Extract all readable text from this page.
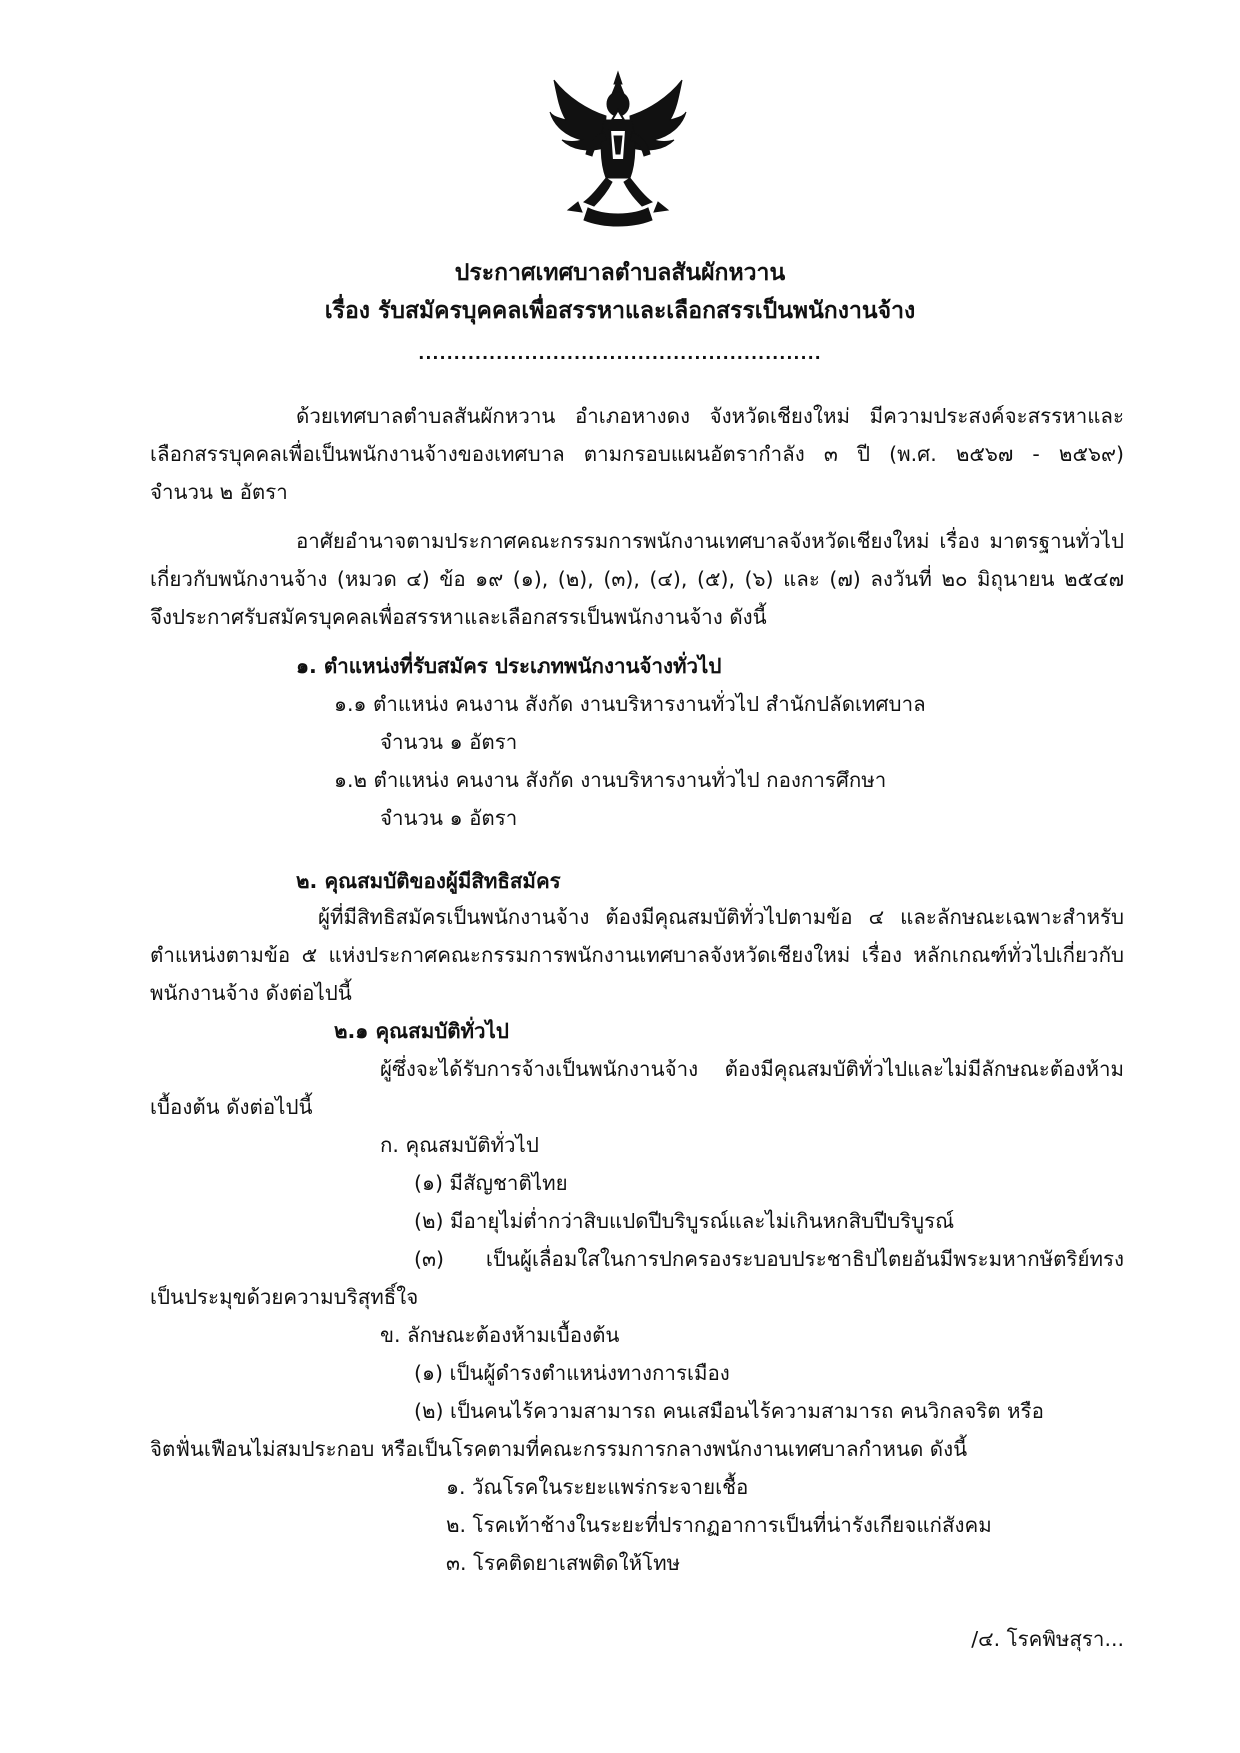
ประกาศเทศบาลตำบลสันผักหวาน
เรื่อง รับสมัครบุคคลเพื่อสรรหาและเลือกสรรเป็นพนักงานจ้าง
.........................................................
ด้วยเทศบาลตำบลสันผักหวาน อำเภอหางดง จังหวัดเชียงใหม่ มีความประสงค์จะสรรหาและ
เลือกสรรบุคคลเพื่อเป็นพนักงานจ้างของเทศบาล ตามกรอบแผนอัตรากำลัง ๓ ปี (พ.ศ. ๒๕๖๗ - ๒๕๖๙)
จำนวน ๒ อัตรา
อาศัยอำนาจตามประกาศคณะกรรมการพนักงานเทศบาลจังหวัดเชียงใหม่ เรื่อง มาตรฐานทั่วไป
เกี่ยวกับพนักงานจ้าง (หมวด ๔) ข้อ ๑๙ (๑), (๒), (๓), (๔), (๕), (๖) และ (๗) ลงวันที่ ๒๐ มิถุนายน ๒๕๔๗
จึงประกาศรับสมัครบุคคลเพื่อสรรหาและเลือกสรรเป็นพนักงานจ้าง ดังนี้
๑. ตำแหน่งที่รับสมัคร ประเภทพนักงานจ้างทั่วไป
๑.๑ ตำแหน่ง คนงาน สังกัด งานบริหารงานทั่วไป สำนักปลัดเทศบาล
จำนวน ๑ อัตรา
๑.๒ ตำแหน่ง คนงาน สังกัด งานบริหารงานทั่วไป กองการศึกษา
จำนวน ๑ อัตรา
๒. คุณสมบัติของผู้มีสิทธิสมัคร
ผู้ที่มีสิทธิสมัครเป็นพนักงานจ้าง ต้องมีคุณสมบัติทั่วไปตามข้อ ๔ และลักษณะเฉพาะสำหรับ
ตำแหน่งตามข้อ ๕ แห่งประกาศคณะกรรมการพนักงานเทศบาลจังหวัดเชียงใหม่ เรื่อง หลักเกณฑ์ทั่วไปเกี่ยวกับ
พนักงานจ้าง ดังต่อไปนี้
๒.๑ คุณสมบัติทั่วไป
ผู้ซึ่งจะได้รับการจ้างเป็นพนักงานจ้าง ต้องมีคุณสมบัติทั่วไปและไม่มีลักษณะต้องห้าม
เบื้องต้น ดังต่อไปนี้
ก. คุณสมบัติทั่วไป
(๑) มีสัญชาติไทย
(๒) มีอายุไม่ต่ำกว่าสิบแปดปีบริบูรณ์และไม่เกินหกสิบปีบริบูรณ์
(๓) เป็นผู้เลื่อมใสในการปกครองระบอบประชาธิปไตยอันมีพระมหากษัตริย์ทรง
เป็นประมุขด้วยความบริสุทธิ์ใจ
ข. ลักษณะต้องห้ามเบื้องต้น
(๑) เป็นผู้ดำรงตำแหน่งทางการเมือง
(๒) เป็นคนไร้ความสามารถ คนเสมือนไร้ความสามารถ คนวิกลจริต หรือ
จิตฟั่นเฟือนไม่สมประกอบ หรือเป็นโรคตามที่คณะกรรมการกลางพนักงานเทศบาลกำหนด ดังนี้
๑. วัณโรคในระยะแพร่กระจายเชื้อ
๒. โรคเท้าช้างในระยะที่ปรากฏอาการเป็นที่น่ารังเกียจแก่สังคม
๓. โรคติดยาเสพติดให้โทษ
/๔. โรคพิษสุรา...
